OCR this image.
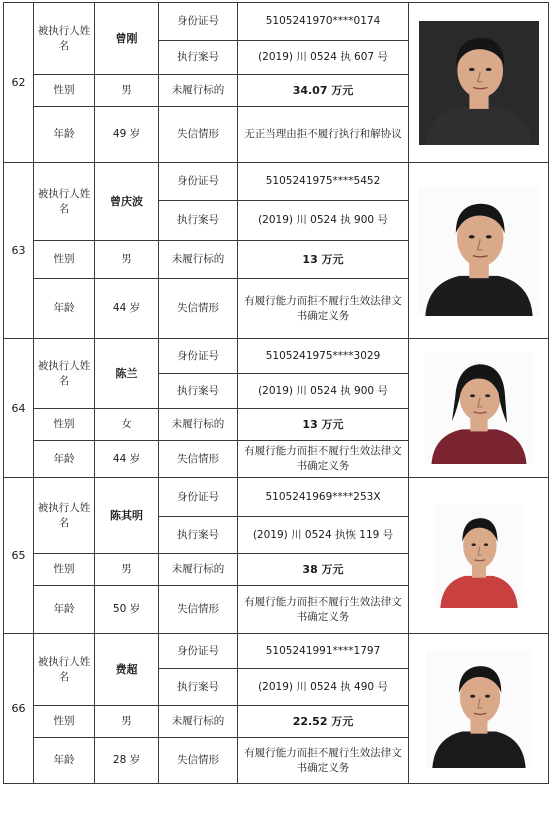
62	被执行人姓名	曾刚	身份证号	5105241970****0174	

			执行案号	(2019) 川 0524 执 607 号	
	性别	男	未履行标的	34.07 万元	
	年龄	49 岁	失信情形	无正当理由拒不履行执行和解协议	
63	被执行人姓名	曾庆波	身份证号	5105241975****5452	

			执行案号	(2019) 川 0524 执 900 号	
	性别	男	未履行标的	13 万元	
	年龄	44 岁	失信情形	有履行能力而拒不履行生效法律文书确定义务	
64	被执行人姓名	陈兰	身份证号	5105241975****3029	

			执行案号	(2019) 川 0524 执 900 号	
	性别	女	未履行标的	13 万元	
	年龄	44 岁	失信情形	有履行能力而拒不履行生效法律文书确定义务	
65	被执行人姓名	陈其明	身份证号	5105241969****253X	

			执行案号	(2019) 川 0524 执恢 119 号	
	性别	男	未履行标的	38 万元	
	年龄	50 岁	失信情形	有履行能力而拒不履行生效法律文书确定义务	
66	被执行人姓名	费超	身份证号	5105241991****1797	

			执行案号	(2019) 川 0524 执 490 号	
	性别	男	未履行标的	22.52 万元	
	年龄	28 岁	失信情形	有履行能力而拒不履行生效法律文书确定义务	
